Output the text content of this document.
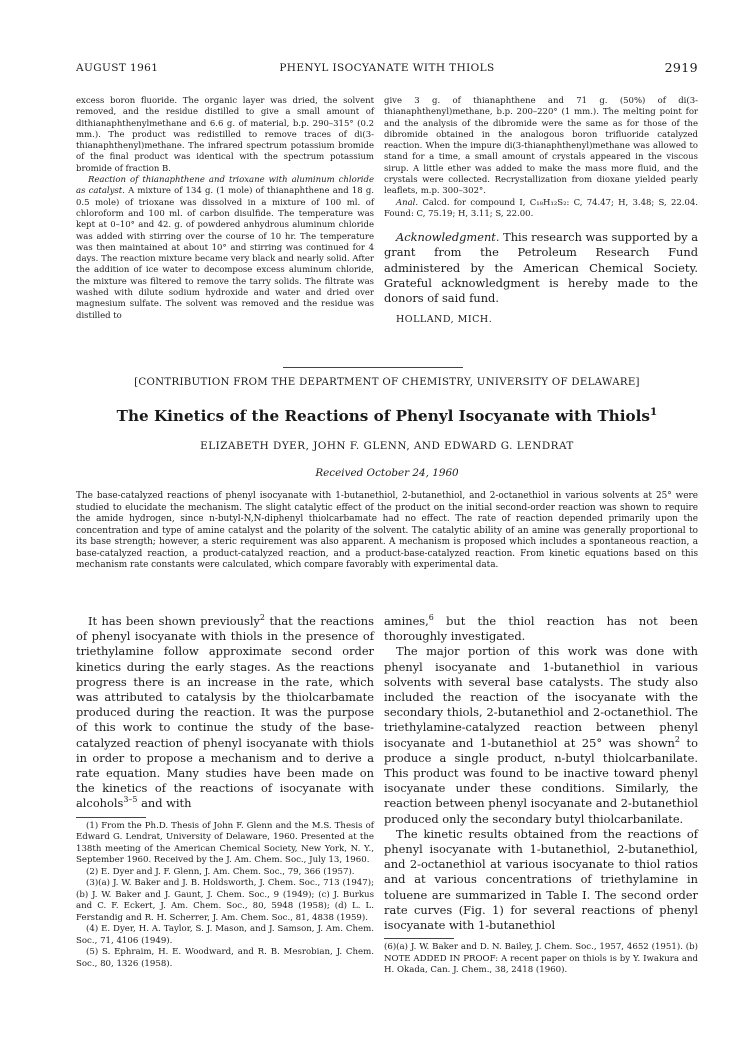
AUGUST 1961	PHENYL ISOCYANATE WITH THIOLS	2919

excess boron fluoride. The organic layer was dried, the solvent removed, and the residue distilled to give a small amount of dithianaphthenylmethane and 6.6 g. of material, b.p. 290–315° (0.2 mm.). The product was redistilled to remove traces of di(3-thianaphthenyl)methane. The infrared spectrum potassium bromide of the final product was identical with the spectrum potassium bromide of fraction B.

Reaction of thianaphthene and trioxane with aluminum chloride as catalyst. A mixture of 134 g. (1 mole) of thianaphthene and 18 g. 0.5 mole) of trioxane was dissolved in a mixture of 100 ml. of chloroform and 100 ml. of carbon disulfide. The temperature was kept at 0–10° and 42. g. of powdered anhydrous aluminum chloride was added with stirring over the course of 10 hr. The temperature was then maintained at about 10° and stirring was continued for 4 days. The reaction mixture became very black and nearly solid. After the addition of ice water to decompose excess aluminum chloride, the mixture was filtered to remove the tarry solids. The filtrate was washed with dilute sodium hydroxide and water and dried over magnesium sulfate. The solvent was removed and the residue was distilled to

give 3 g. of thianaphthene and 71 g. (50%) of di(3-thianaphthenyl)methane, b.p. 200–220° (1 mm.). The melting point for and the analysis of the dibromide were the same as for those of the dibromide obtained in the analogous boron trifluoride catalyzed reaction. When the impure di(3-thianaphthenyl)methane was allowed to stand for a time, a small amount of crystals appeared in the viscous sirup. A little ether was added to make the mass more fluid, and the crystals were collected. Recrystallization from dioxane yielded pearly leaflets, m.p. 300–302°.

Anal. Calcd. for compound I, C₁₈H₁₂S₂: C, 74.47; H, 3.48; S, 22.04. Found: C, 75.19; H, 3.11; S, 22.00.

Acknowledgment. This research was supported by a grant from the Petroleum Research Fund administered by the American Chemical Society. Grateful acknowledgment is hereby made to the donors of said fund.

HOLLAND, MICH.

[CONTRIBUTION FROM THE DEPARTMENT OF CHEMISTRY, UNIVERSITY OF DELAWARE]
The Kinetics of the Reactions of Phenyl Isocyanate with Thiols$^1$
ELIZABETH DYER, JOHN F. GLENN, AND EDWARD G. LENDRAT
Received October 24, 1960
The base-catalyzed reactions of phenyl isocyanate with 1-butanethiol, 2-butanethiol, and 2-octanethiol in various solvents at 25° were studied to elucidate the mechanism. The slight catalytic effect of the product on the initial second-order reaction was shown to require the amide hydrogen, since n-butyl-N,N-diphenyl thiolcarbamate had no effect. The rate of reaction depended primarily upon the concentration and type of amine catalyst and the polarity of the solvent. The catalytic ability of an amine was generally proportional to its base strength; however, a steric requirement was also apparent. A mechanism is proposed which includes a spontaneous reaction, a base-catalyzed reaction, a product-catalyzed reaction, and a product-base-catalyzed reaction. From kinetic equations based on this mechanism rate constants were calculated, which compare favorably with experimental data.

It has been shown previously$^2$ that the reactions of phenyl isocyanate with thiols in the presence of triethylamine follow approximate second order kinetics during the early stages. As the reactions progress there is an increase in the rate, which was attributed to catalysis by the thiolcarbamate produced during the reaction. It was the purpose of this work to continue the study of the base-catalyzed reaction of phenyl isocyanate with thiols in order to propose a mechanism and to derive a rate equation. Many studies have been made on the kinetics of the reactions of isocyanate with alcohols$^{3-5}$ and with

(1) From the Ph.D. Thesis of John F. Glenn and the M.S. Thesis of Edward G. Lendrat, University of Delaware, 1960. Presented at the 138th meeting of the American Chemical Society, New York, N. Y., September 1960. Received by the J. Am. Chem. Soc., July 13, 1960.

(2) E. Dyer and J. F. Glenn, J. Am. Chem. Soc., 79, 366 (1957).

(3)(a) J. W. Baker and J. B. Holdsworth, J. Chem. Soc., 713 (1947); (b) J. W. Baker and J. Gaunt, J. Chem. Soc., 9 (1949); (c) J. Burkus and C. F. Eckert, J. Am. Chem. Soc., 80, 5948 (1958); (d) L. L. Ferstandig and R. H. Scherrer, J. Am. Chem. Soc., 81, 4838 (1959).

(4) E. Dyer, H. A. Taylor, S. J. Mason, and J. Samson, J. Am. Chem. Soc., 71, 4106 (1949).

(5) S. Ephraim, H. E. Woodward, and R. B. Mesrobian, J. Chem. Soc., 80, 1326 (1958).

amines,$^6$ but the thiol reaction has not been thoroughly investigated.

The major portion of this work was done with phenyl isocyanate and 1-butanethiol in various solvents with several base catalysts. The study also included the reaction of the isocyanate with the secondary thiols, 2-butanethiol and 2-octanethiol. The triethylamine-catalyzed reaction between phenyl isocyanate and 1-butanethiol at 25° was shown$^2$ to produce a single product, n-butyl thiolcarbanilate. This product was found to be inactive toward phenyl isocyanate under these conditions. Similarly, the reaction between phenyl isocyanate and 2-butanethiol produced only the secondary butyl thiolcarbanilate.

The kinetic results obtained from the reactions of phenyl isocyanate with 1-butanethiol, 2-butanethiol, and 2-octanethiol at various isocyanate to thiol ratios and at various concentrations of triethylamine in toluene are summarized in Table I. The second order rate curves (Fig. 1) for several reactions of phenyl isocyanate with 1-butanethiol

(6)(a) J. W. Baker and D. N. Bailey, J. Chem. Soc., 1957, 4652 (1951). (b) NOTE ADDED IN PROOF: A recent paper on thiols is by Y. Iwakura and H. Okada, Can. J. Chem., 38, 2418 (1960).
